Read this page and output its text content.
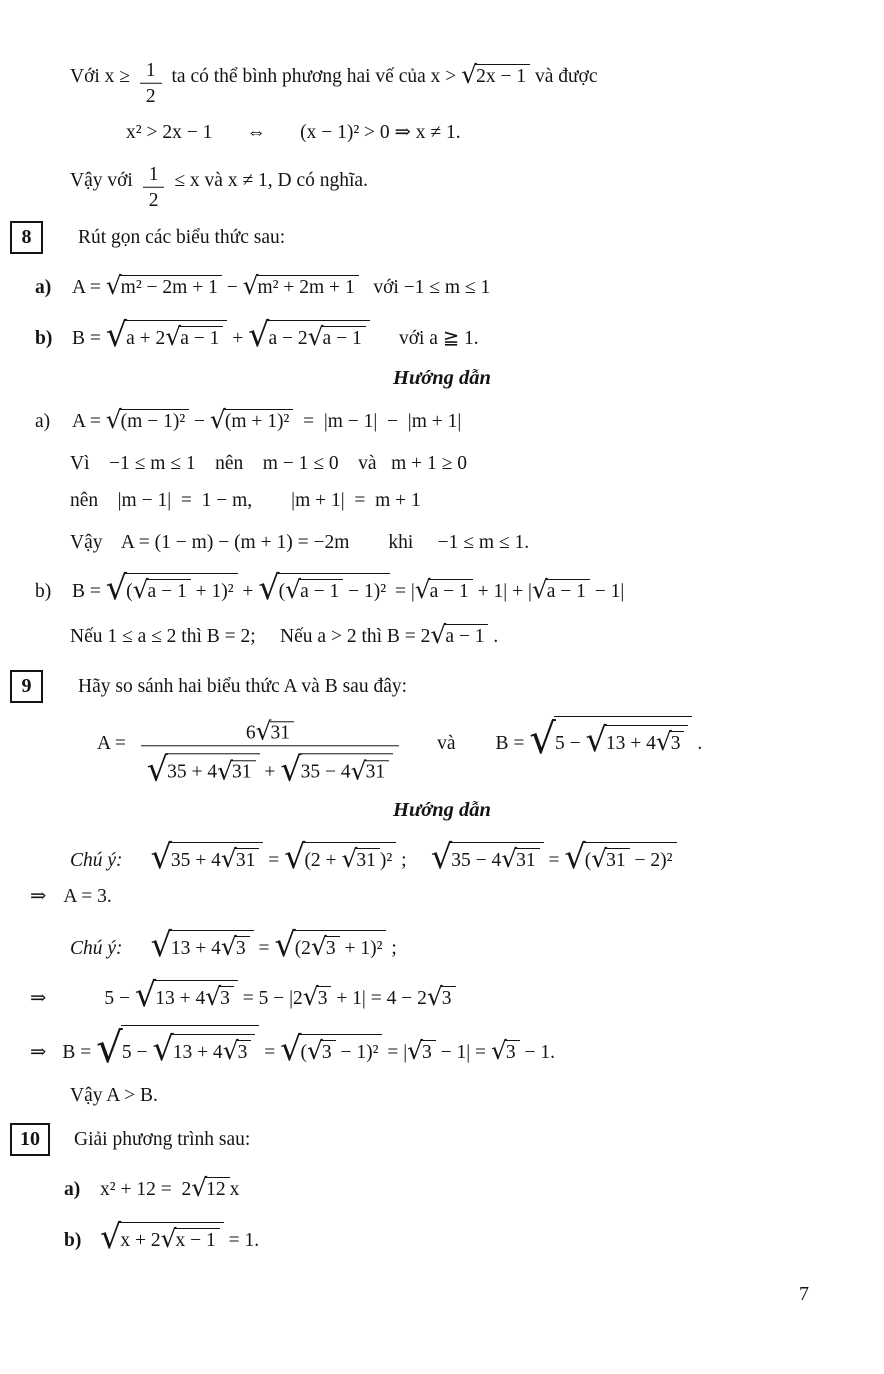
Với $x \ge \frac{1}{2}$ ta có thể bình phương hai vế của x > √ 2x − 1 và được
x² > 2x − 1       ⇔       (x − 1)² > 0 ⇒ x ≠ 1.
Vậy với $\frac{1}{2} \le x$ và x ≠ 1, D có nghĩa.
8	Rút gọn các biểu thức sau:
a)	A = √ m² − 2m + 1 − √ m² + 2m + 1 với −1 ≤ m ≤ 1
b)	B = √ a + 2 √ a − 1 + √ a − 2 √ a − 1 với a ≧ 1.
Hướng dẫn
a)	A = √ (m − 1)² − √ (m + 1)² =  |m − 1|  −  |m + 1|
Vì    −1 ≤ m ≤ 1    nên    m − 1 ≤ 0    và   m + 1 ≥ 0
nên    |m − 1|  =  1 − m,        |m + 1|  =  m + 1
Vậy    A = (1 − m) − (m + 1) = −2m        khi     −1 ≤ m ≤ 1.
b)	B = √ ( √ a − 1 + 1)² + √ ( √ a − 1 − 1)² = | √ a − 1 + 1| + | √ a − 1 − 1|
Nếu 1 ≤ a ≤ 2 thì B = 2;     Nếu a > 2 thì B = 2 √ a − 1 .
9	Hãy so sánh hai biểu thức A và B sau đây:
$A = \frac{6 √ 31}{√ 35 + 4 √ 31 + √ 35 - 4 √ 31}$ và B = √ 5 − √ 13 + 4 √ 3 .
Hướng dẫn
Chú ý: √ 35 + 4 √ 31 = √ (2 + √ 31 )² ; √ 35 − 4 √ 31 = √ ( √ 31 − 2)²
⇒ A = 3.
Chú ý: √ 13 + 4 √ 3 = √ (2 √ 3 + 1)² ;
⇒	5 − √ 13 + 4 √ 3 = 5 − |2 √ 3 + 1| = 4 − 2 √ 3
⇒ B = √ 5 − √ 13 + 4 √ 3 = √ ( √ 3 − 1)² = | √ 3 − 1| = √ 3 − 1.
Vậy A > B.
10	Giải phương trình sau:
a)	x² + 12 =  2 √ 12 x
b) √ x + 2 √ x − 1 = 1.
7
